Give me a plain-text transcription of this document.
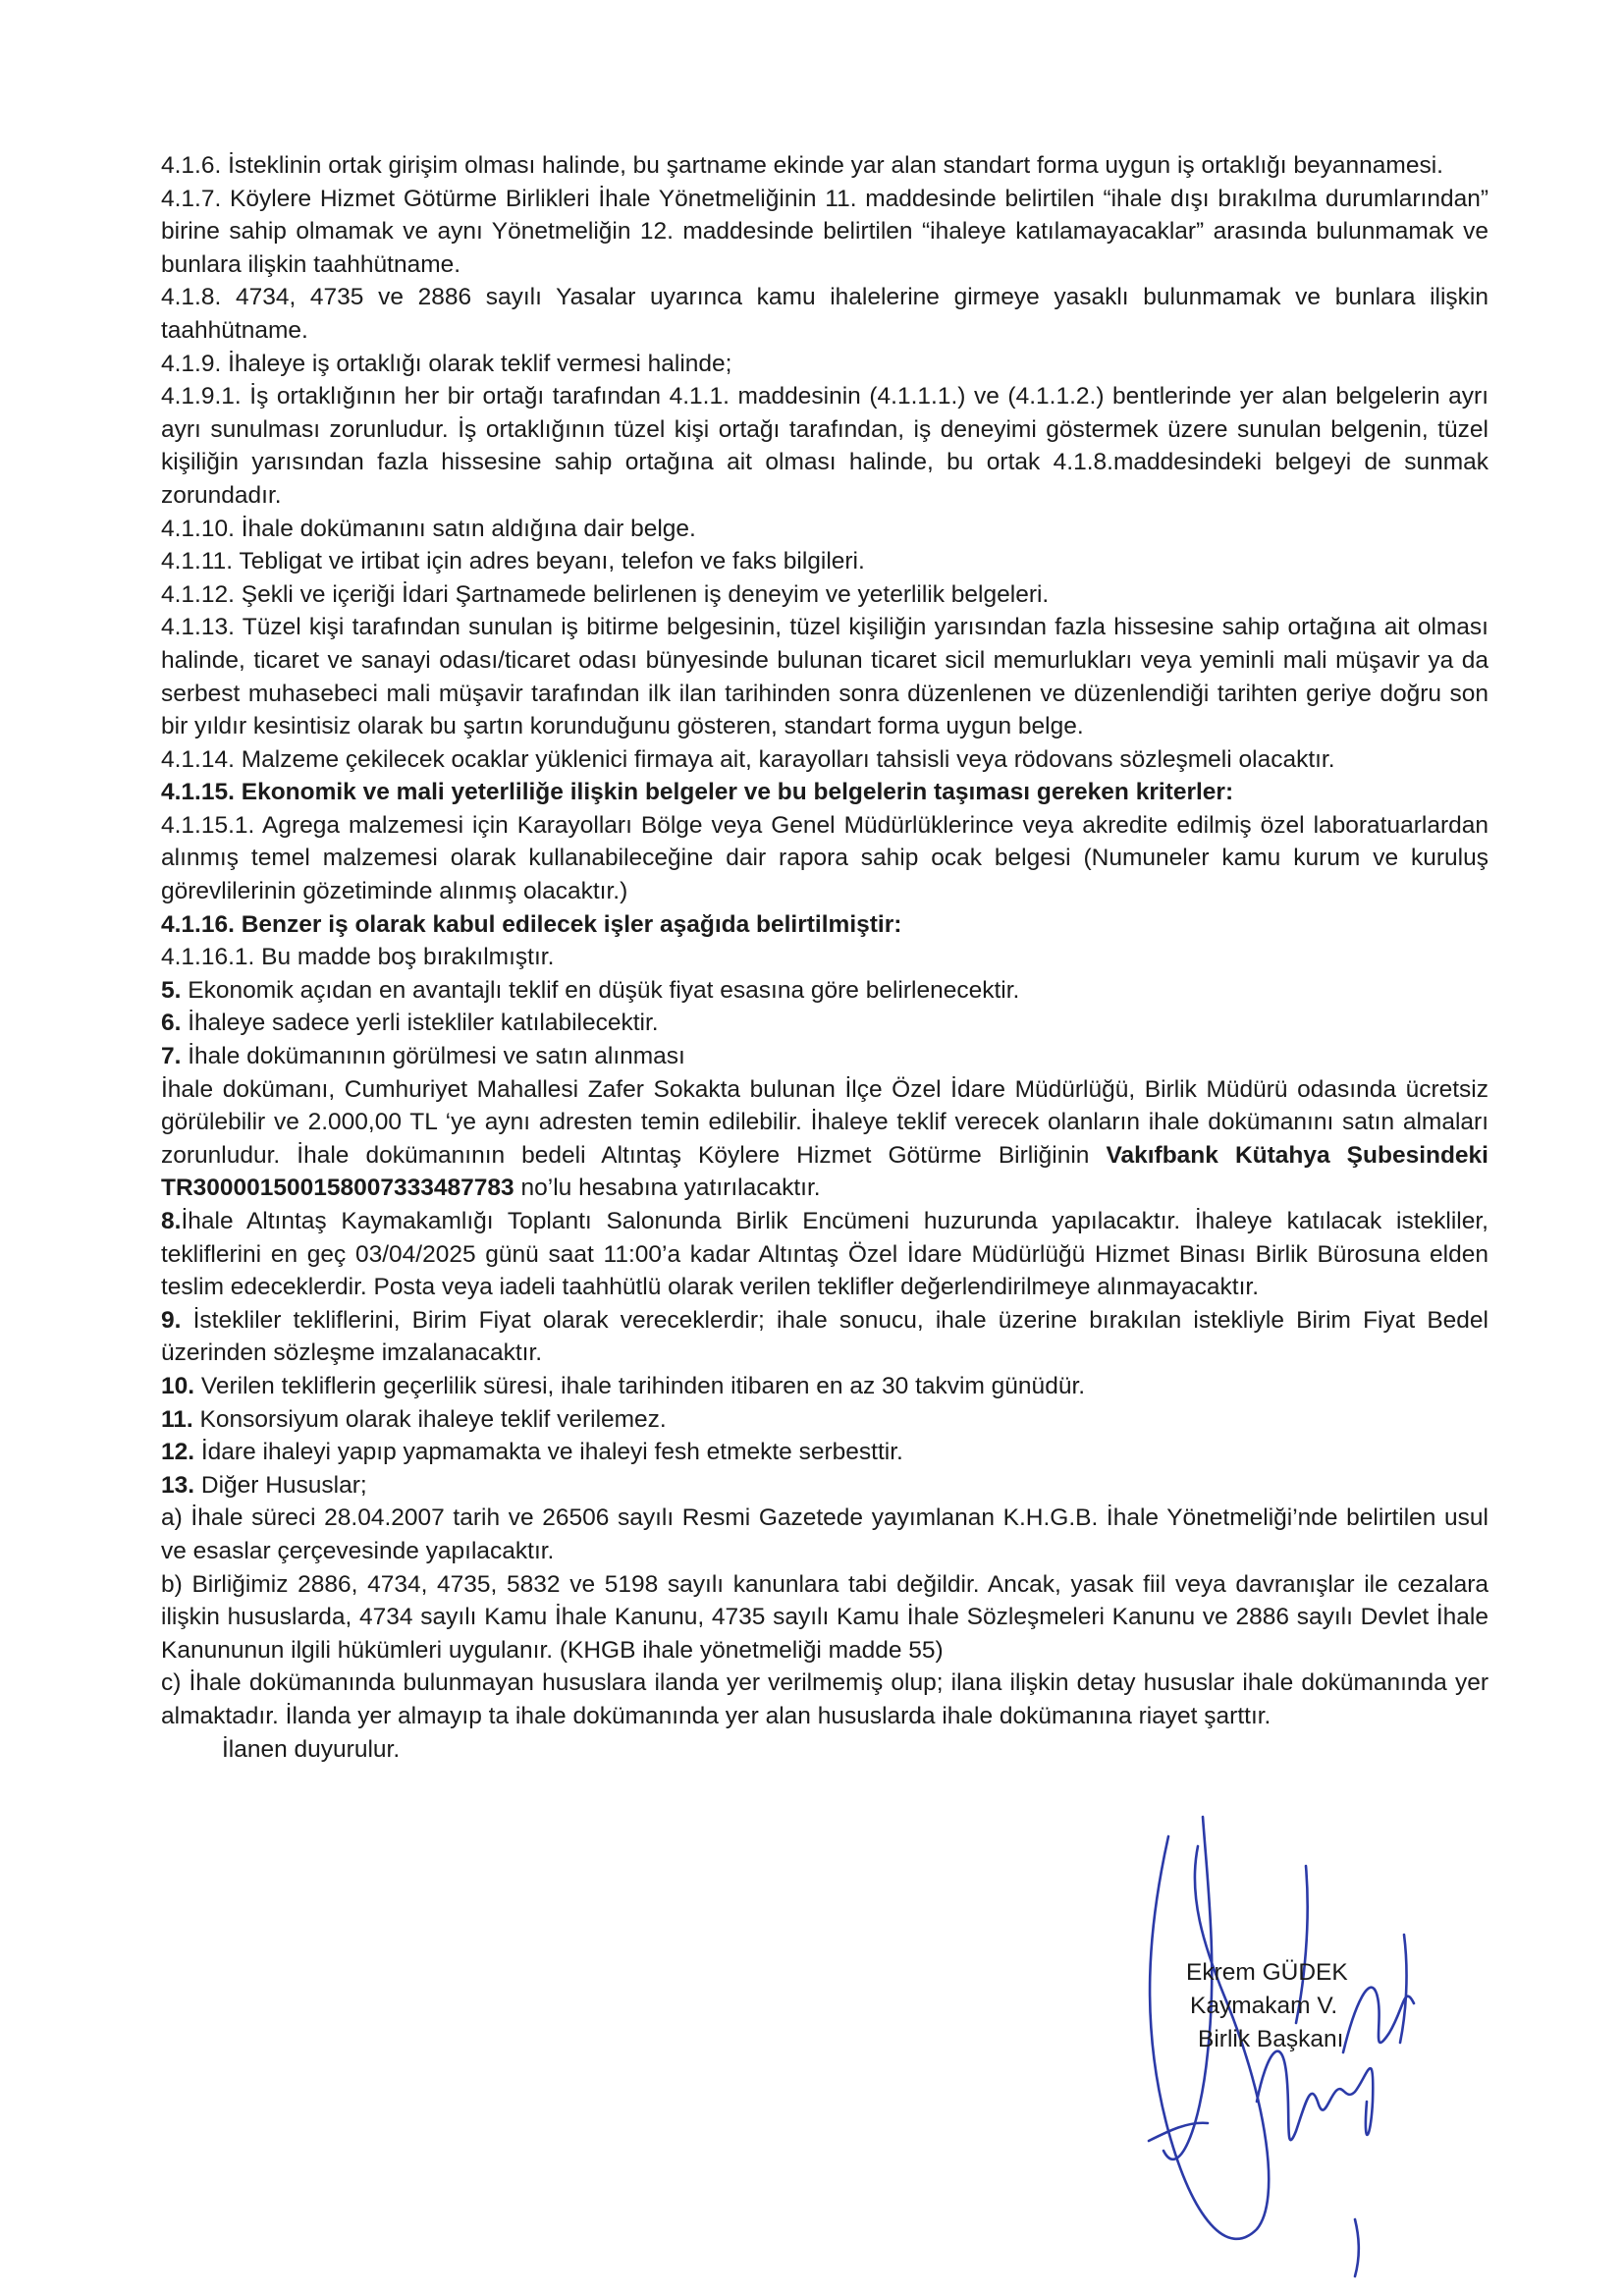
4.1.6. İsteklinin ortak girişim olması halinde, bu şartname ekinde yar alan standart forma uygun iş ortaklığı beyannamesi.

4.1.7. Köylere Hizmet Götürme Birlikleri İhale Yönetmeliğinin 11. maddesinde belirtilen “ihale dışı bırakılma durumlarından” birine sahip olmamak ve aynı Yönetmeliğin 12. maddesinde belirtilen “ihaleye katılamayacaklar” arasında bulunmamak ve bunlara ilişkin taahhütname.

4.1.8. 4734, 4735 ve 2886 sayılı Yasalar uyarınca kamu ihalelerine girmeye yasaklı bulunmamak ve bunlara ilişkin taahhütname.

4.1.9. İhaleye iş ortaklığı olarak teklif vermesi halinde;

4.1.9.1. İş ortaklığının her bir ortağı tarafından 4.1.1. maddesinin (4.1.1.1.) ve (4.1.1.2.) bentlerinde yer alan belgelerin ayrı ayrı sunulması zorunludur. İş ortaklığının tüzel kişi ortağı tarafından, iş deneyimi göstermek üzere sunulan belgenin, tüzel kişiliğin yarısından fazla hissesine sahip ortağına ait olması halinde, bu ortak 4.1.8.maddesindeki belgeyi de sunmak zorundadır.

4.1.10. İhale dokümanını satın aldığına dair belge.

4.1.11. Tebligat ve irtibat için adres beyanı, telefon ve faks bilgileri.

4.1.12. Şekli ve içeriği İdari Şartnamede belirlenen iş deneyim ve yeterlilik belgeleri.

4.1.13. Tüzel kişi tarafından sunulan iş bitirme belgesinin, tüzel kişiliğin yarısından fazla hissesine sahip ortağına ait olması halinde, ticaret ve sanayi odası/ticaret odası bünyesinde bulunan ticaret sicil memurlukları veya yeminli mali müşavir ya da serbest muhasebeci mali müşavir tarafından ilk ilan tarihinden sonra düzenlenen ve düzenlendiği tarihten geriye doğru son bir yıldır kesintisiz olarak bu şartın korunduğunu gösteren, standart forma uygun belge.

4.1.14. Malzeme çekilecek ocaklar yüklenici firmaya ait, karayolları tahsisli veya rödovans sözleşmeli olacaktır.

4.1.15. Ekonomik ve mali yeterliliğe ilişkin belgeler ve bu belgelerin taşıması gereken kriterler:

4.1.15.1. Agrega malzemesi için Karayolları Bölge veya Genel Müdürlüklerince veya akredite edilmiş özel laboratuarlardan alınmış temel malzemesi olarak kullanabileceğine dair rapora sahip ocak belgesi (Numuneler kamu kurum ve kuruluş görevlilerinin gözetiminde alınmış olacaktır.)

4.1.16. Benzer iş olarak kabul edilecek işler aşağıda belirtilmiştir:

4.1.16.1. Bu madde boş bırakılmıştır.

5. Ekonomik açıdan en avantajlı teklif en düşük fiyat esasına göre belirlenecektir.

6. İhaleye sadece yerli istekliler katılabilecektir.

7. İhale dokümanının görülmesi ve satın alınması

İhale dokümanı, Cumhuriyet Mahallesi Zafer Sokakta bulunan İlçe Özel İdare Müdürlüğü, Birlik Müdürü odasında ücretsiz görülebilir ve 2.000,00 TL ‘ye aynı adresten temin edilebilir. İhaleye teklif verecek olanların ihale dokümanını satın almaları zorunludur. İhale dokümanının bedeli Altıntaş Köylere Hizmet Götürme Birliğinin Vakıfbank Kütahya Şubesindeki TR300001500158007333487783 no’lu hesabına yatırılacaktır.

8.İhale Altıntaş Kaymakamlığı Toplantı Salonunda Birlik Encümeni huzurunda yapılacaktır. İhaleye katılacak istekliler, tekliflerini en geç 03/04/2025 günü saat 11:00’a kadar Altıntaş Özel İdare Müdürlüğü Hizmet Binası Birlik Bürosuna elden teslim edeceklerdir. Posta veya iadeli taahhütlü olarak verilen teklifler değerlendirilmeye alınmayacaktır.

9. İstekliler tekliflerini, Birim Fiyat olarak vereceklerdir; ihale sonucu, ihale üzerine bırakılan istekliyle Birim Fiyat Bedel üzerinden sözleşme imzalanacaktır.

10. Verilen tekliflerin geçerlilik süresi, ihale tarihinden itibaren en az 30 takvim günüdür.

11. Konsorsiyum olarak ihaleye teklif verilemez.

12. İdare ihaleyi yapıp yapmamakta ve ihaleyi fesh etmekte serbesttir.

13. Diğer Hususlar;

a) İhale süreci 28.04.2007 tarih ve 26506 sayılı Resmi Gazetede yayımlanan K.H.G.B. İhale Yönetmeliği’nde belirtilen usul ve esaslar çerçevesinde yapılacaktır.

b) Birliğimiz 2886, 4734, 4735, 5832 ve 5198 sayılı kanunlara tabi değildir. Ancak, yasak fiil veya davranışlar ile cezalara ilişkin hususlarda, 4734 sayılı Kamu İhale Kanunu, 4735 sayılı Kamu İhale Sözleşmeleri Kanunu ve 2886 sayılı Devlet İhale Kanununun ilgili hükümleri uygulanır. (KHGB ihale yönetmeliği madde 55)

c) İhale dokümanında bulunmayan hususlara ilanda yer verilmemiş olup; ilana ilişkin detay hususlar ihale dokümanında yer almaktadır. İlanda yer almayıp ta ihale dokümanında yer alan hususlarda ihale dokümanına riayet şarttır.

İlanen duyurulur.

Ekrem GÜDEK
Kaymakam V.
Birlik Başkanı
